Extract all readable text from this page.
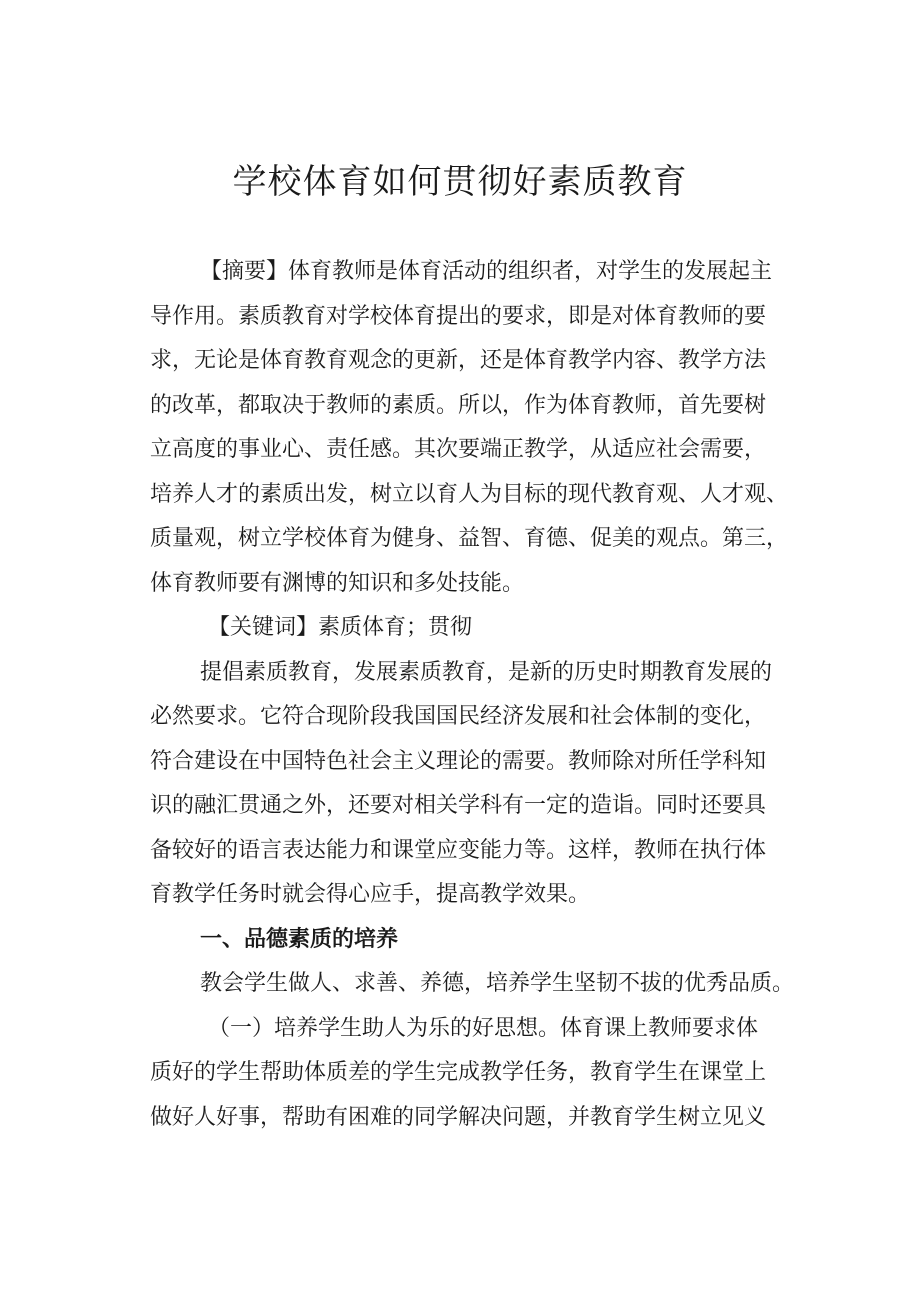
学校体育如何贯彻好素质教育
【摘要】体育教师是体育活动的组织者，对学生的发展起主
导作用。素质教育对学校体育提出的要求，即是对体育教师的要
求，无论是体育教育观念的更新，还是体育教学内容、教学方法
的改革，都取决于教师的素质。所以，作为体育教师，首先要树
立高度的事业心、责任感。其次要端正教学，从适应社会需要，
培养人才的素质出发，树立以育人为目标的现代教育观、人才观、
质量观，树立学校体育为健身、益智、育德、促美的观点。第三，
体育教师要有渊博的知识和多处技能。
【关键词】素质体育；贯彻
提倡素质教育，发展素质教育，是新的历史时期教育发展的
必然要求。它符合现阶段我国国民经济发展和社会体制的变化，
符合建设在中国特色社会主义理论的需要。教师除对所任学科知
识的融汇贯通之外，还要对相关学科有一定的造诣。同时还要具
备较好的语言表达能力和课堂应变能力等。这样，教师在执行体
育教学任务时就会得心应手，提高教学效果。
一、品德素质的培养
教会学生做人、求善、养德，培养学生坚韧不拔的优秀品质。
（一）培养学生助人为乐的好思想。体育课上教师要求体
质好的学生帮助体质差的学生完成教学任务，教育学生在课堂上
做好人好事，帮助有困难的同学解决问题，并教育学生树立见义
